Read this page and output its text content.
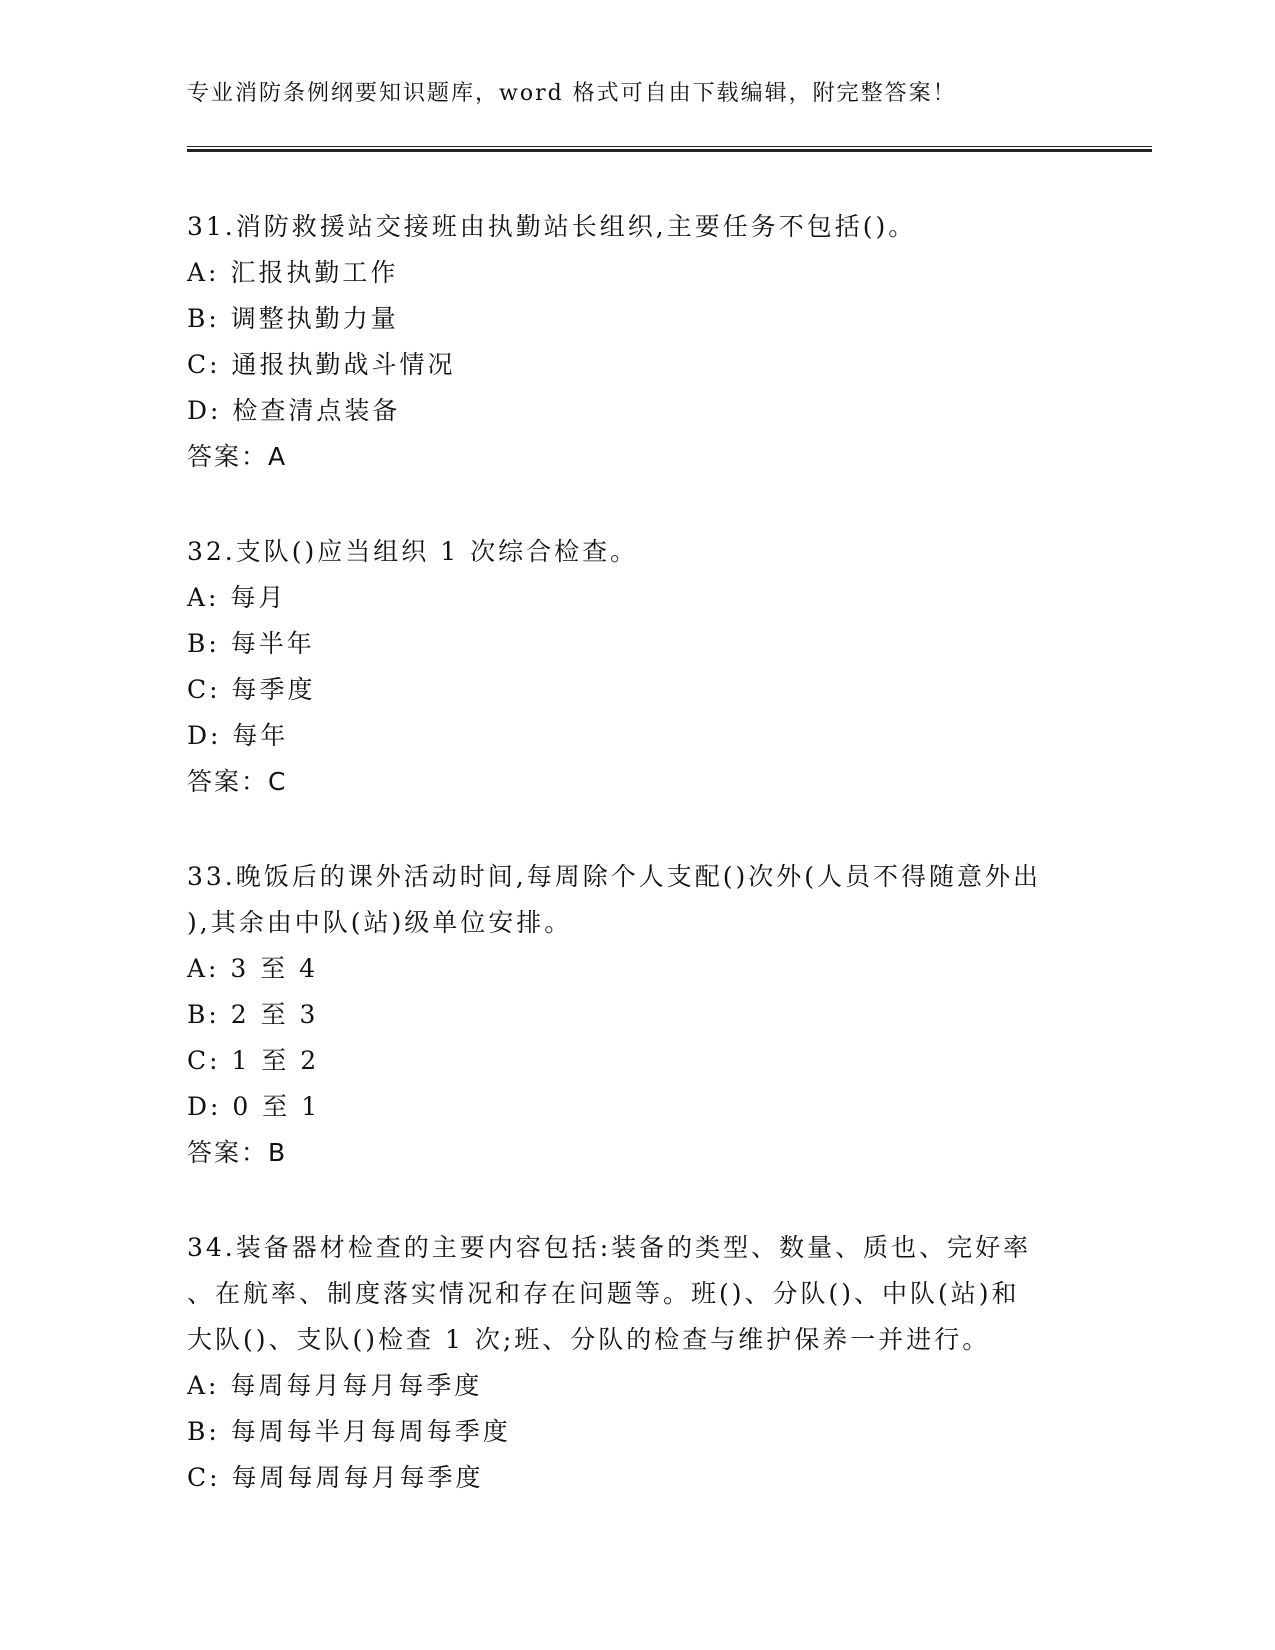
专业消防条例纲要知识题库，word 格式可自由下载编辑，附完整答案！
31.消防救援站交接班由执勤站长组织,主要任务不包括()。
A: 汇报执勤工作
B: 调整执勤力量
C: 通报执勤战斗情况
D: 检查清点装备
答案：A
32.支队()应当组织 1 次综合检查。
A: 每月
B: 每半年
C: 每季度
D: 每年
答案：C
33.晚饭后的课外活动时间,每周除个人支配()次外(人员不得随意外出
),其余由中队(站)级单位安排。
A: 3 至 4
B: 2 至 3
C: 1 至 2
D: 0 至 1
答案：B
34.装备器材检查的主要内容包括:装备的类型、数量、质也、完好率
、在航率、制度落实情况和存在问题等。班()、分队()、中队(站)和
大队()、支队()检查 1 次;班、分队的检查与维护保养一并进行。
A: 每周每月每月每季度
B: 每周每半月每周每季度
C: 每周每周每月每季度
